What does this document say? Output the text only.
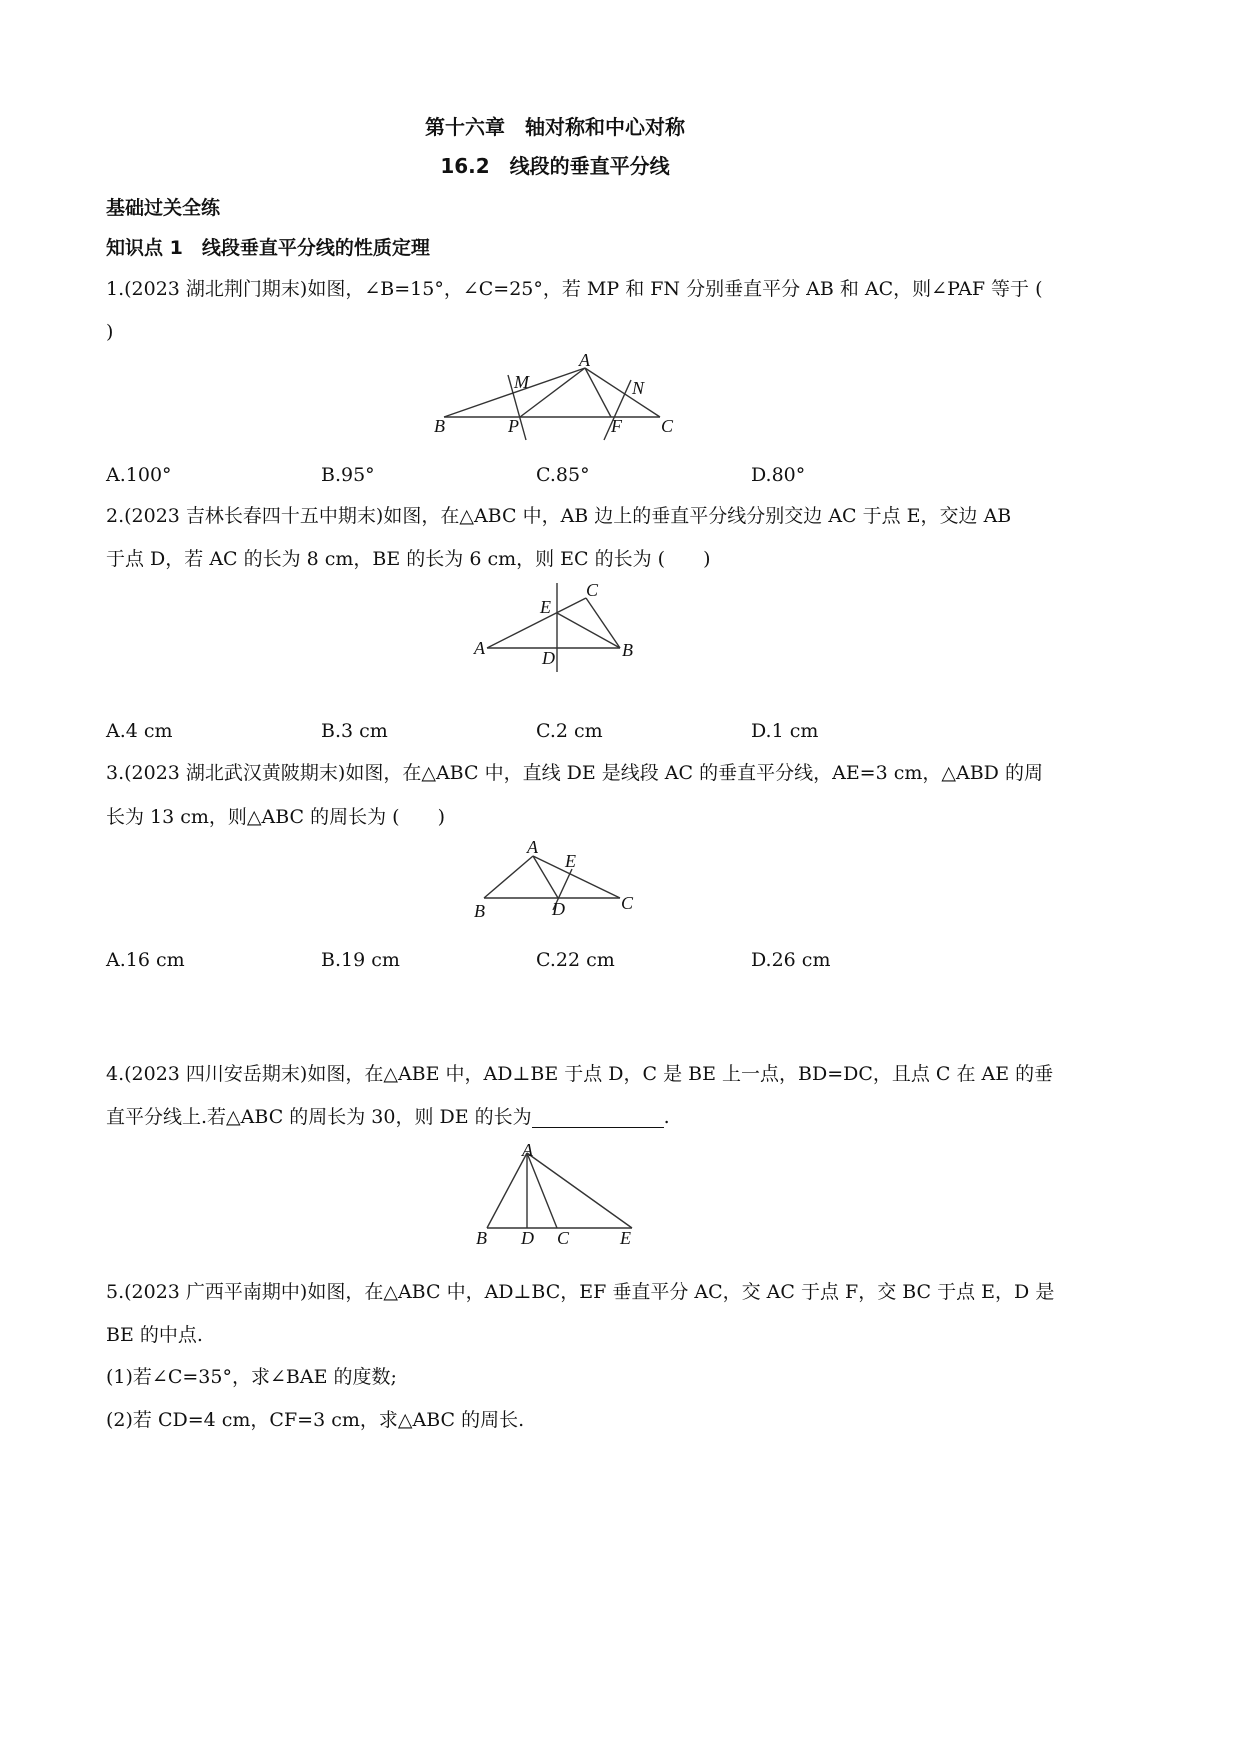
第十六章　轴对称和中心对称
16.2　线段的垂直平分线
基础过关全练
知识点 1　线段垂直平分线的性质定理
1.(2023 湖北荆门期末)如图，∠B=15°，∠C=25°，若 MP 和 FN 分别垂直平分 AB 和 AC，则∠PAF 等于 (
)
A
M	N
B	P	F C
A.100°	B.95°	C.85°	D.80°
2.(2023 吉林长春四十五中期末)如图，在△ABC 中，AB 边上的垂直平分线分别交边 AC 于点 E，交边 AB
于点 D，若 AC 的长为 8 cm，BE 的长为 6 cm，则 EC 的长为 (　　)
E
C
A	B
D
A.4 cm	B.3 cm	C.2 cm	D.1 cm
3.(2023 湖北武汉黄陂期末)如图，在△ABC 中，直线 DE 是线段 AC 的垂直平分线，AE=3 cm，△ABD 的周
长为 13 cm，则△ABC 的周长为 (　　)
A
E
B	D	C
A.16 cm	B.19 cm	C.22 cm	D.26 cm
4.(2023 四川安岳期末)如图，在△ABE 中，AD⊥BE 于点 D，C 是 BE 上一点，BD=DC，且点 C 在 AE 的垂
直平分线上.若△ABC 的周长为 30，则 DE 的长为	.
A
B D C	E
5.(2023 广西平南期中)如图，在△ABC 中，AD⊥BC，EF 垂直平分 AC，交 AC 于点 F，交 BC 于点 E，D 是
BE 的中点.
(1)若∠C=35°，求∠BAE 的度数;
(2)若 CD=4 cm，CF=3 cm，求△ABC 的周长.
